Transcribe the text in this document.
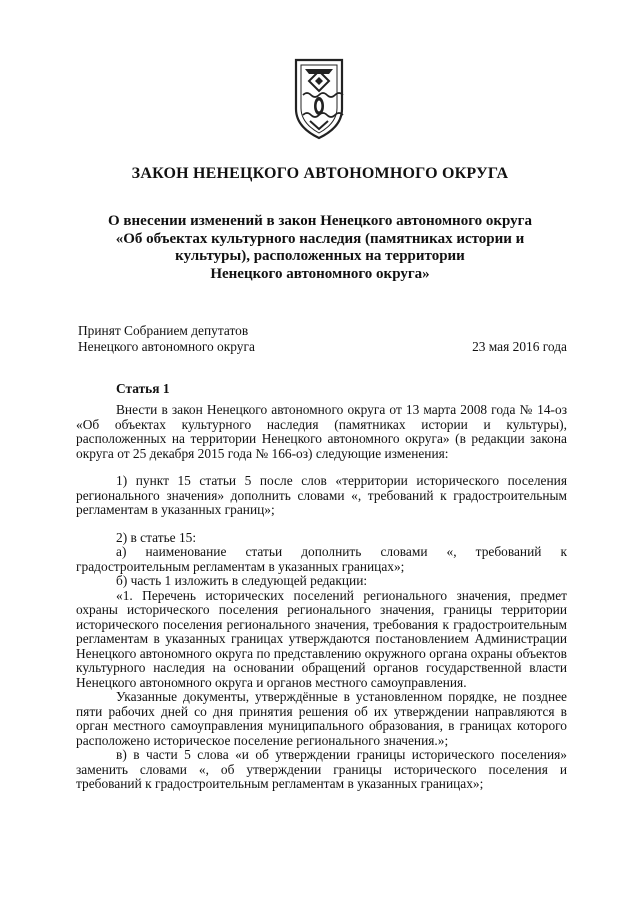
ЗАКОН НЕНЕЦКОГО АВТОНОМНОГО ОКРУГА
О внесении изменений в закон Ненецкого автономного округа
«Об объектах культурного наследия (памятниках истории и
культуры), расположенных на территории
Ненецкого автономного округа»
Принят Собранием депутатов
Ненецкого автономного округа	23 мая 2016 года
Статья 1

Внести в закон Ненецкого автономного округа от 13 марта 2008 года № 14-оз «Об объектах культурного наследия (памятниках истории и культуры), расположенных на территории Ненецкого автономного округа» (в редакции закона округа от 25 декабря 2015 года № 166-оз) следующие изменения:

1) пункт 15 статьи 5 после слов «территории исторического поселения регионального значения» дополнить словами «, требований к градостроительным регламентам в указанных границ»;

2) в статье 15:

а) наименование статьи дополнить словами «, требований к градостроительным регламентам в указанных границах»;

б) часть 1 изложить в следующей редакции:

«1. Перечень исторических поселений регионального значения, предмет охраны исторического поселения регионального значения, границы территории исторического поселения регионального значения, требования к градостроительным регламентам в указанных границах утверждаются постановлением Администрации Ненецкого автономного округа по представлению окружного органа охраны объектов культурного наследия на основании обращений органов государственной власти Ненецкого автономного округа и органов местного самоуправления.

Указанные документы, утверждённые в установленном порядке, не позднее пяти рабочих дней со дня принятия решения об их утверждении направляются в орган местного самоуправления муниципального образования, в границах которого расположено историческое поселение регионального значения.»;

в) в части 5 слова «и об утверждении границы исторического поселения» заменить словами «, об утверждении границы исторического поселения и требований к градостроительным регламентам в указанных границах»;
